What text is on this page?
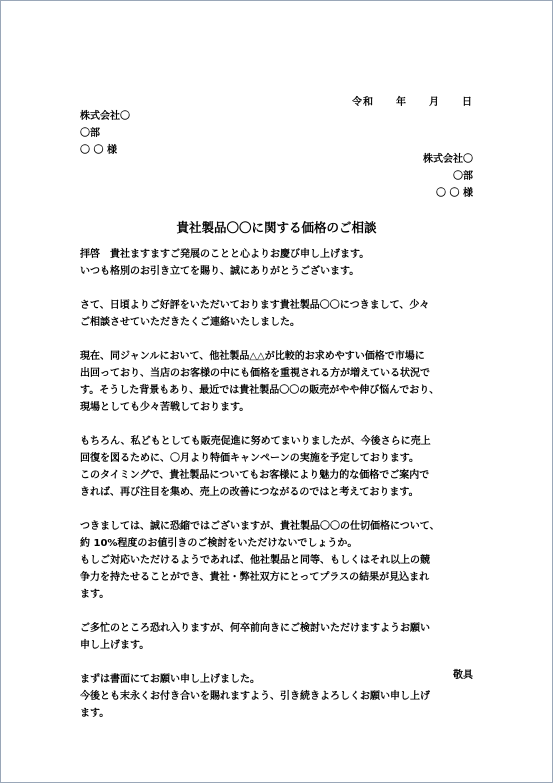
令和　　年　　月　　日
株式会社〇
〇部
〇 〇 様
株式会社〇
〇部
〇 〇 様
貴社製品〇〇に関する価格のご相談
拝啓　貴社ますますご発展のことと心よりお慶び申し上げます。
いつも格別のお引き立てを賜り、誠にありがとうございます。
さて、日頃よりご好評をいただいております貴社製品〇〇につきまして、少々
ご相談させていただきたくご連絡いたしました。
現在、同ジャンルにおいて、他社製品△△が比較的お求めやすい価格で市場に
出回っており、当店のお客様の中にも価格を重視される方が増えている状況で
す。そうした背景もあり、最近では貴社製品〇〇の販売がやや伸び悩んでおり、
現場としても少々苦戦しております。
もちろん、私どもとしても販売促進に努めてまいりましたが、今後さらに売上
回復を図るために、〇月より特価キャンペーンの実施を予定しております。
このタイミングで、貴社製品についてもお客様により魅力的な価格でご案内で
きれば、再び注目を集め、売上の改善につながるのではと考えております。
つきましては、誠に恐縮ではございますが、貴社製品〇〇の仕切価格について、
約 10%程度のお値引きのご検討をいただけないでしょうか。
もしご対応いただけるようであれば、他社製品と同等、もしくはそれ以上の競
争力を持たせることができ、貴社・弊社双方にとってプラスの結果が見込まれ
ます。
ご多忙のところ恐れ入りますが、何卒前向きにご検討いただけますようお願い
申し上げます。
まずは書面にてお願い申し上げました。
今後とも末永くお付き合いを賜れますよう、引き続きよろしくお願い申し上げ
ます。
敬具
